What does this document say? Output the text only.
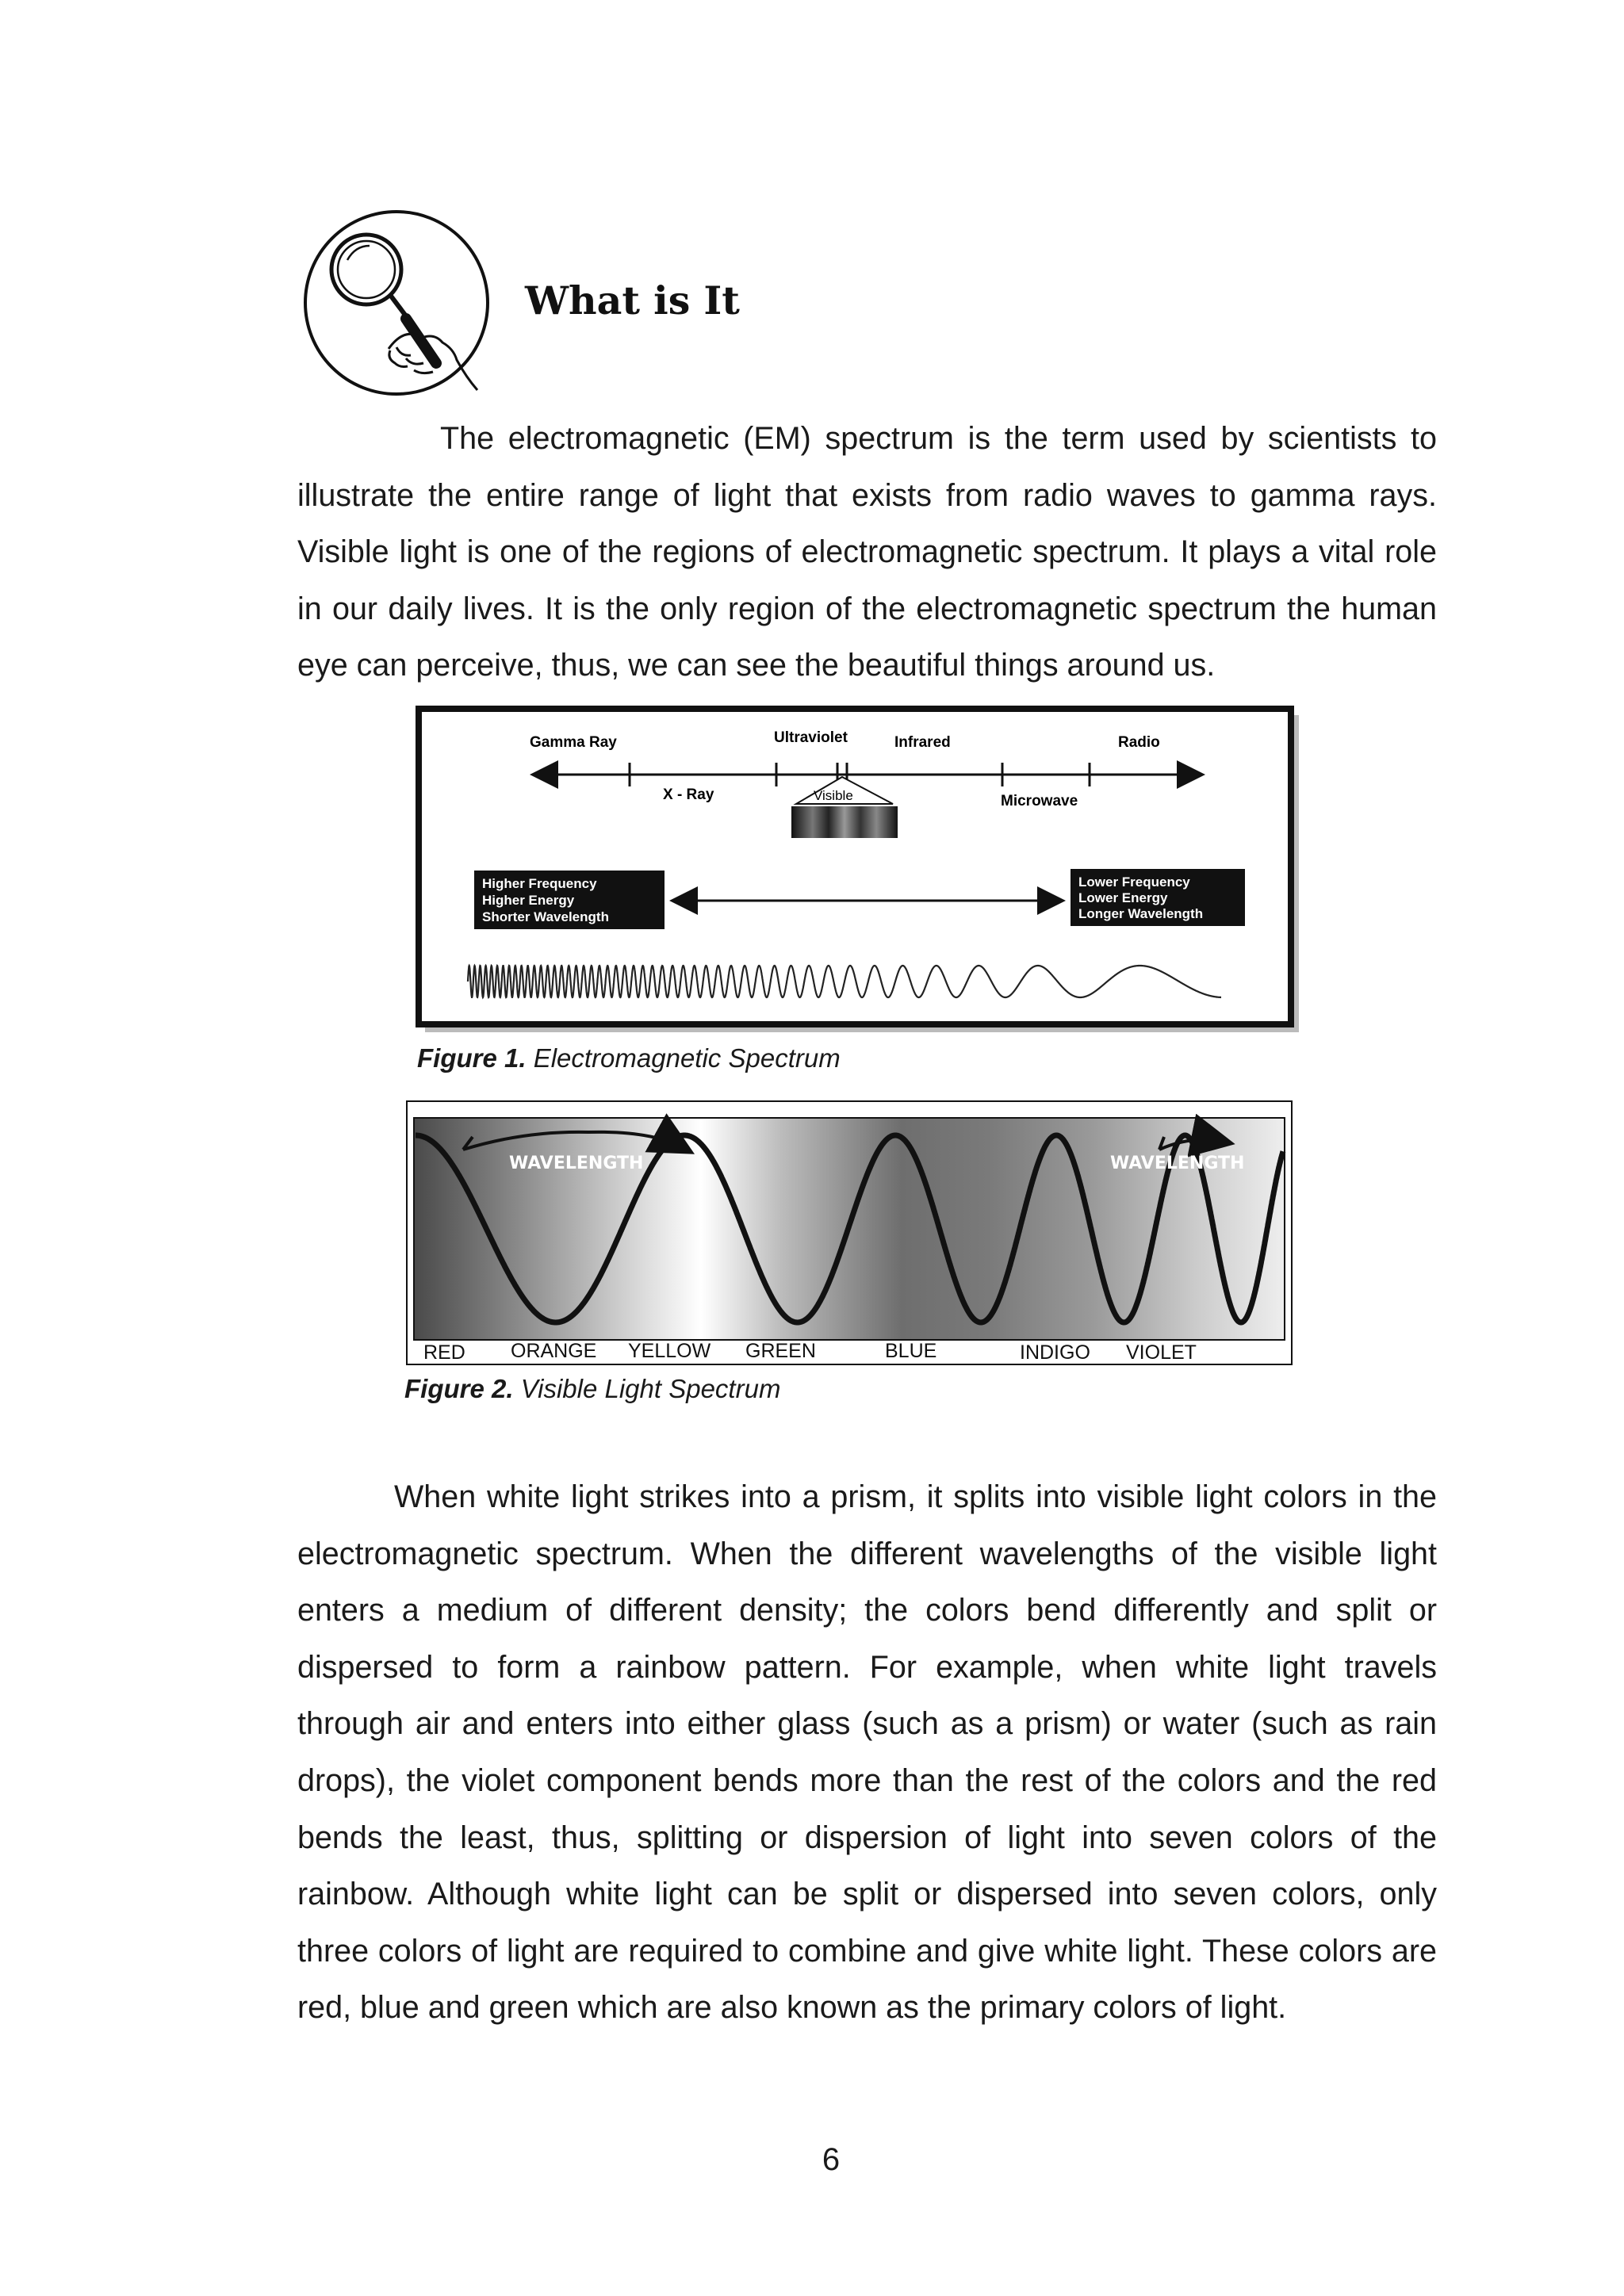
What is It
The electromagnetic (EM) spectrum is the term used by scientists to illustrate the entire range of light that exists from radio waves to gamma rays. Visible light is one of the regions of electromagnetic spectrum. It plays a vital role in our daily lives. It is the only region of the electromagnetic spectrum the human eye can perceive, thus, we can see the beautiful things around us.
Gamma Ray	Ultraviolet	Infrared	Radio
X - Ray	Microwave
Visible
Higher Frequency Higher Energy Shorter Wavelength
Lower Frequency Lower Energy Longer Wavelength
Figure 1. Electromagnetic Spectrum
WAVELENGTH	WAVELENGTH
RED ORANGE YELLOW GREEN	BLUE	INDIGO VIOLET
Figure 2. Visible Light Spectrum
When white light strikes into a prism, it splits into visible light colors in the electromagnetic spectrum. When the different wavelengths of the visible light enters a medium of different density; the colors bend differently and split or dispersed to form a rainbow pattern. For example, when white light travels through air and enters into either glass (such as a prism) or water (such as rain drops), the violet component bends more than the rest of the colors and the red bends the least, thus, splitting or dispersion of light into seven colors of the rainbow. Although white light can be split or dispersed into seven colors, only three colors of light are required to combine and give white light. These colors are red, blue and green which are also known as the primary colors of light.
6
